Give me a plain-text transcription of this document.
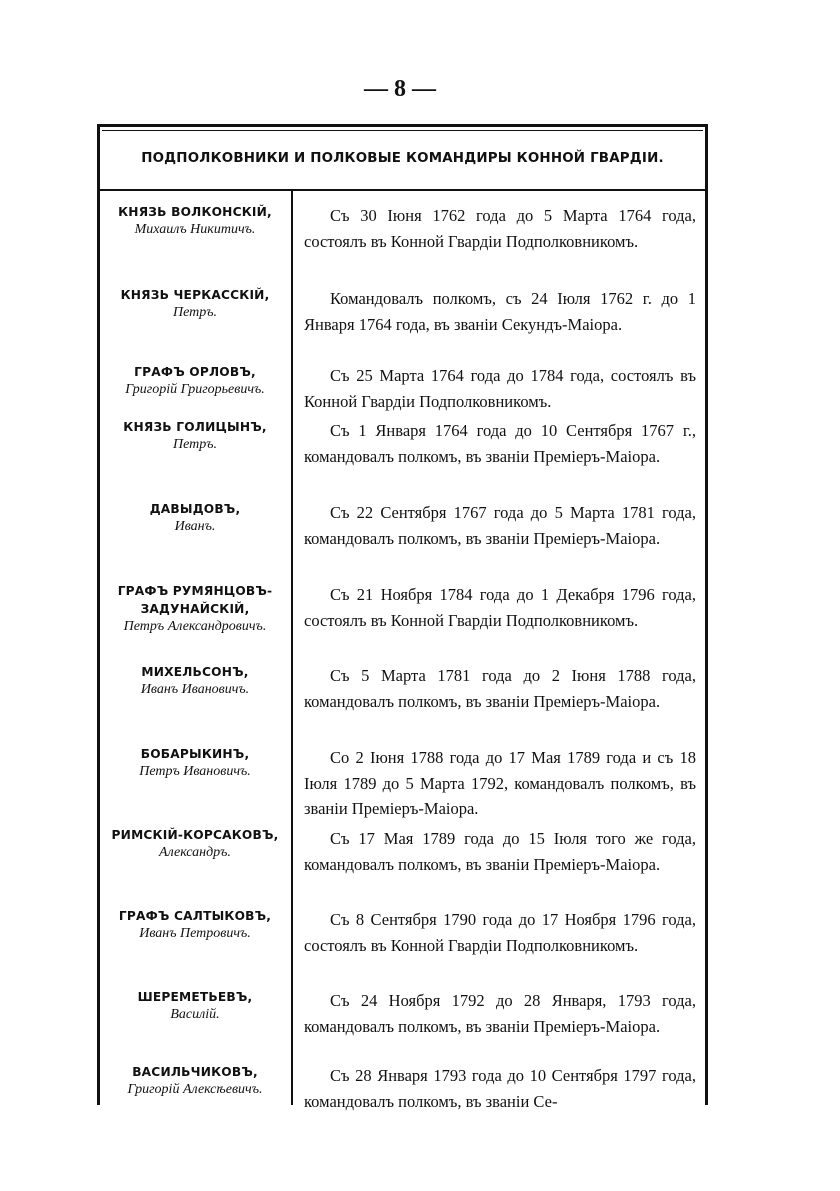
— 8 —
ПОДПОЛКОВНИКИ И ПОЛКОВЫЕ КОМАНДИРЫ КОННОЙ ГВАРДІИ.
КНЯЗЬ ВОЛКОНСКІЙ,
Михаилъ Никитичъ.
Съ 30 Іюня 1762 года до 5 Марта 1764 года, состоялъ въ Конной Гвардіи Подполковникомъ.
КНЯЗЬ ЧЕРКАССКІЙ,
Петръ.
Командовалъ полкомъ, съ 24 Іюля 1762 г. до 1 Января 1764 года, въ званіи Секундъ-Маіора.
ГРАФЪ ОРЛОВЪ,
Григорій Григорьевичъ.
Съ 25 Марта 1764 года до 1784 года, состоялъ въ Конной Гвардіи Подполковникомъ.
КНЯЗЬ ГОЛИЦЫНЪ,
Петръ.
Съ 1 Января 1764 года до 10 Сентября 1767 г., командовалъ полкомъ, въ званіи Преміеръ-Маіора.
ДАВЫДОВЪ,
Иванъ.
Съ 22 Сентября 1767 года до 5 Марта 1781 года, командовалъ полкомъ, въ званіи Премiеръ-Маiора.
ГРАФЪ РУМЯНЦОВЪ-
ЗАДУНАЙСКІЙ,
Петръ Александровичъ.
Съ 21 Ноября 1784 года до 1 Декабря 1796 года, состоялъ въ Конной Гвардіи Подполковникомъ.
МИХЕЛЬСОНЪ,
Иванъ Ивановичъ.
Съ 5 Марта 1781 года до 2 Іюня 1788 года, командовалъ полкомъ, въ званіи Премiеръ-Маiора.
БОБАРЫКИНЪ,
Петръ Ивановичъ.
Со 2 Іюня 1788 года до 17 Мая 1789 года и съ 18 Іюля 1789 до 5 Марта 1792, командовалъ полкомъ, въ званіи Премiеръ-Маiора.
РИМСКІЙ-КОРСАКОВЪ,
Александръ.
Съ 17 Мая 1789 года до 15 Іюля того же года, командовалъ полкомъ, въ званіи Премiеръ-Маiора.
ГРАФЪ САЛТЫКОВЪ,
Иванъ Петровичъ.
Съ 8 Сентября 1790 года до 17 Ноября 1796 года, состоялъ въ Конной Гвардіи Подполковникомъ.
ШЕРЕМЕТЬЕВЪ,
Василій.
Съ 24 Ноября 1792 до 28 Января, 1793 года, командовалъ полкомъ, въ званіи Премiеръ-Маiора.
ВАСИЛЬЧИКОВЪ,
Григорій Алексѣевичъ.
Съ 28 Января 1793 года до 10 Сентября 1797 года, командовалъ полкомъ, въ званіи Се-
